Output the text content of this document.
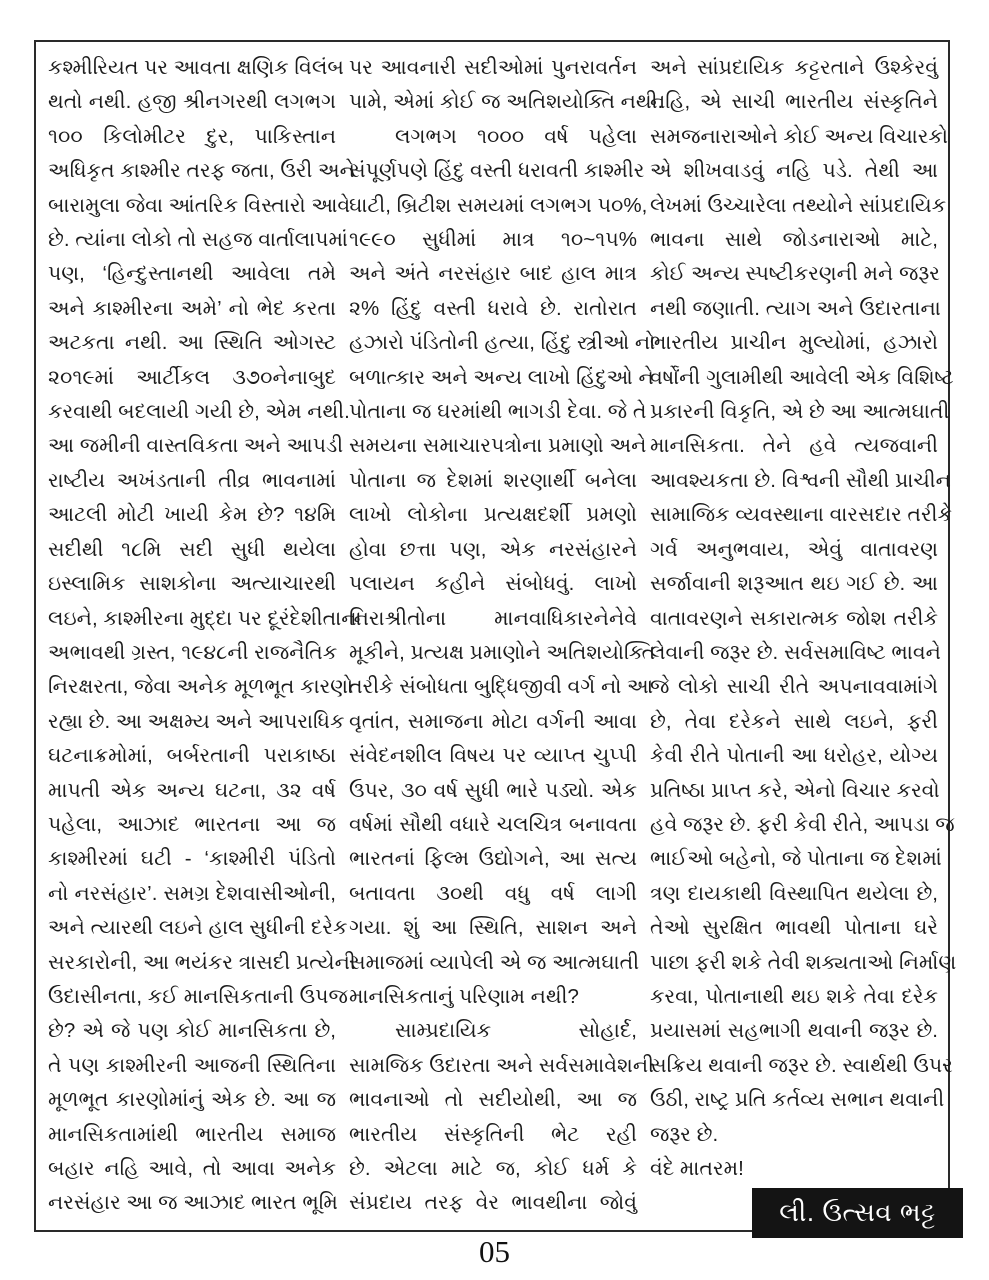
કશ્મીરિયત પર આવતા ક્ષણિક વિલંબ
થતો નથી. હજી શ્રીનગરથી લગભગ
૧૦૦ કિલોમીટર દુર, પાકિસ્તાન
અધિકૃત કાશ્મીર તરફ જતા, ઉરી અને
બારામુલા જેવા આંતરિક વિસ્તારો આવે
છે. ત્યાંના લોકો તો સહજ વાર્તાલાપમાં
પણ, ‘હિન્દુસ્તાનથી આવેલા તમે
અને કાશ્મીરના અમે’ નો ભેદ કરતા
અટકતા નથી. આ સ્થિતિ ઓગસ્ટ
૨૦૧૯માં આર્ટીકલ ૩૭૦નેનાબુદ
કરવાથી બદલાયી ગયી છે, એમ નથી.
આ જમીની વાસ્તવિકતા અને આપડી
રાષ્ટીય અખંડતાની તીવ્ર ભાવનામાં
આટલી મોટી ખાયી કેમ છે? ૧૪મિ
સદીથી ૧૮મિ સદી સુધી થયેલા
ઇસ્લામિક સાશકોના અત્યાચારથી
લઇને, કાશ્મીરના મુદ્દા પર દૂરંદેશીતાના
અભાવથી ગ્રસ્ત, ૧૯૪૮ની રાજનૈતિક
નિરક્ષરતા, જેવા અનેક મૂળભૂત કારણો
રહ્યા છે. આ અક્ષમ્ય અને આપરાધિક
ઘટનાક્રમોમાં, બર્બરતાની પરાકાષ્ઠા
માપતી એક અન્ય ઘટના, ૩૨ વર્ષ
પહેલા, આઝાદ ભારતના આ જ
કાશ્મીરમાં ઘટી - ‘કાશ્મીરી પંડિતો
નો નરસંહાર’. સમગ્ર દેશવાસીઓની,
અને ત્યારથી લઇને હાલ સુધીની દરેક
સરકારોની, આ ભયંકર ત્રાસદી પ્રત્યેની
ઉદાસીનતા, કઈ માનસિકતાની ઉપજ
છે? એ જે પણ કોઈ માનસિકતા છે,
તે પણ કાશ્મીરની આજની સ્થિતિના
મૂળભૂત કારણોમાંનું એક છે. આ જ
માનસિકતામાંથી ભારતીય સમાજ
બહાર નહિ આવે, તો આવા અનેક
નરસંહાર આ જ આઝાદ ભારત ભૂમિ
પર આવનારી સદીઓમાં પુનરાવર્તન
પામે, એમાં કોઈ જ અતિશયોક્તિ નથી.
લગભગ ૧૦૦૦ વર્ષ પહેલા
સંપૂર્ણપણે હિંદુ વસ્તી ધરાવતી કાશ્મીર
ઘાટી, બ્રિટીશ સમયમાં લગભગ ૫૦%,
૧૯૯૦ સુધીમાં માત્ર ૧૦~૧૫%
અને અંતે નરસંહાર બાદ હાલ માત્ર
૨% હિંદુ વસ્તી ધરાવે છે. રાતોરાત
હઝારો પંડિતોની હત્યા, હિંદુ સ્ત્રીઓ નો
બળાત્કાર અને અન્ય લાખો હિંદુઓ ને
પોતાના જ ઘરમાંથી ભાગડી દેવા. જે તે
સમયના સમાચારપત્રોના પ્રમાણો અને
પોતાના જ દેશમાં શરણાર્થી બનેલા
લાખો લોકોના પ્રત્યક્ષદર્શી પ્રમણો
હોવા છત્તા પણ, એક નરસંહારને
પલાયન કહીને સંબોધવું. લાખો
નિરાશ્રીતોના માનવાધિકારનેનેવે
મૂકીને, પ્રત્યક્ષ પ્રમાણોને અતિશયોક્તિ
તરીકે સંબોધતા બુદ્ધિજીવી વર્ગ નો આ
વૃતાંત, સમાજના મોટા વર્ગની આવા
સંવેદનશીલ વિષય પર વ્યાપ્ત ચુપ્પી
ઉપર, ૩૦ વર્ષ સુધી ભારે પડ્યો. એક
વર્ષમાં સૌથી વધારે ચલચિત્ર બનાવતા
ભારતનાં ફિલ્મ ઉદ્યોગને, આ સત્ય
બતાવતા ૩૦થી વધુ વર્ષ લાગી
ગયા. શું આ સ્થિતિ, સાશન અને
સમાજમાં વ્યાપેલી એ જ આત્મઘાતી
માનસિકતાનું પરિણામ નથી?
સામ્પ્રદાયિક સોહાર્દ,
સામજિક ઉદારતા અને સર્વસમાવેશની
ભાવનાઓ તો સદીયોથી, આ જ
ભારતીય સંસ્કૃતિની ભેટ રહી
છે. એટલા માટે જ, કોઈ ધર્મ કે
સંપ્રદાય તરફ વેર ભાવથીના જોવું
અને સાંપ્રદાયિક કટ્ટરતાને ઉશ્કેરવું
નહિ, એ સાચી ભારતીય સંસ્કૃતિને
સમજનારાઓને કોઈ અન્ય વિચારકો
એ શીખવાડવું નહિ પડે. તેથી આ
લેખમાં ઉચ્ચારેલા તથ્યોને સાંપ્રદાયિક
ભાવના સાથે જોડનારાઓ માટે,
કોઈ અન્ય સ્પષ્ટીકરણની મને જરૂર
નથી જણાતી. ત્યાગ અને ઉદારતાના
ભારતીય પ્રાચીન મુલ્યોમાં, હઝારો
વર્ષોંની ગુલામીથી આવેલી એક વિશિષ્ટ
પ્રકારની વિકૃતિ, એ છે આ આત્મઘાતી
માનસિકતા. તેને હવે ત્યજવાની
આવશ્યકતા છે. વિશ્વની સૌથી પ્રાચીન
સામાજિક વ્યવસ્થાના વારસદાર તરીકે
ગર્વ અનુભવાય, એવું વાતાવરણ
સર્જાવાની શરૂઆત થઇ ગઈ છે. આ
વાતાવરણને સકારાત્મક જોશ તરીકે
લેવાની જરૂર છે. સર્વસમાવિષ્ટ ભાવને
જે લોકો સાચી રીતે અપનાવવામાંગે
છે, તેવા દરેકને સાથે લઇને, ફરી
કેવી રીતે પોતાની આ ધરોહર, યોગ્ય
પ્રતિષ્ઠા પ્રાપ્ત કરે, એનો વિચાર કરવો
હવે જરૂર છે. ફરી કેવી રીતે, આપડા જ
ભાઈઓ બહેનો, જે પોતાના જ દેશમાં
ત્રણ દાયકાથી વિસ્થાપિત થયેલા છે,
તેઓ સુરક્ષિત ભાવથી પોતાના ઘરે
પાછા ફરી શકે તેવી શક્યતાઓ નિર્માણ
કરવા, પોતાનાથી થઇ શકે તેવા દરેક
પ્રયાસમાં સહભાગી થવાની જરૂર છે.
સક્રિય થવાની જરૂર છે. સ્વાર્થથી ઉપર
ઉઠી, રાષ્ટ્ર પ્રતિ કર્તવ્ય સભાન થવાની
જરૂર છે.
વંદે માતરમ!
લી. ઉત્સવ ભટ્ટ
05
